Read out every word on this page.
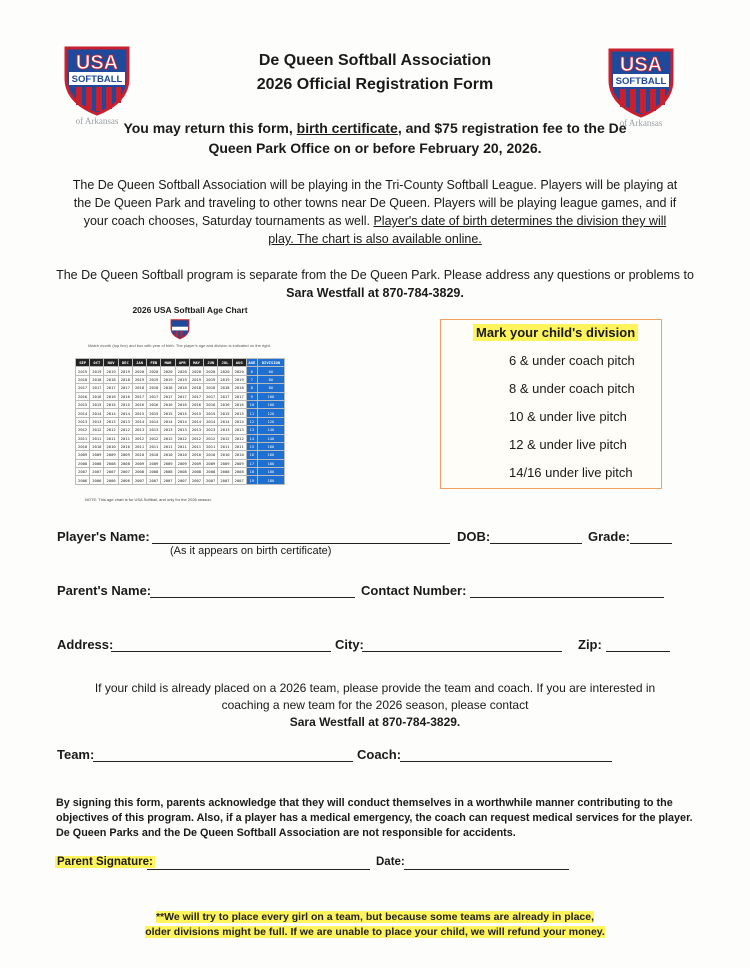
USA
SOFTBALL
of Arkansas
USA
SOFTBALL
of Arkansas
De Queen Softball Association
2026 Official Registration Form
You may return this form, birth certificate, and $75 registration fee to the De Queen Park Office on or before February 20, 2026.
The De Queen Softball Association will be playing in the Tri-County Softball League. Players will be playing at the De Queen Park and traveling to other towns near De Queen. Players will be playing league games, and if your coach chooses, Saturday tournaments as well. Player's date of birth determines the division they will play. The chart is also available online.
The De Queen Softball program is separate from the De Queen Park. Please address any questions or problems to Sara Westfall at 870-784-3829.
2026 USA Softball Age Chart
Match month (top line) and box with year of birth. The player's age and division is indicated on the right.
SEP	OCT	NOV	DEC	JAN	FEB	MAR	APR	MAY	JUN	JUL	AUG	AGE	DIVISION
2019	2019	2019	2019	2020	2020	2020	2020	2020	2020	2020	2020	6	6U
2018	2018	2018	2018	2019	2019	2019	2019	2019	2019	2019	2019	7	8U
2017	2017	2017	2017	2018	2018	2018	2018	2018	2018	2018	2018	8	8U
2016	2016	2016	2016	2017	2017	2017	2017	2017	2017	2017	2017	9	10U
2015	2015	2015	2015	2016	2016	2016	2016	2016	2016	2016	2016	10	10U
2014	2014	2014	2014	2015	2015	2015	2015	2015	2015	2015	2015	11	12U
2013	2013	2013	2013	2014	2014	2014	2014	2014	2014	2014	2014	12	12U
2012	2012	2012	2012	2013	2013	2013	2013	2013	2013	2013	2013	13	14U
2011	2011	2011	2011	2012	2012	2012	2012	2012	2012	2012	2012	14	14U
2010	2010	2010	2010	2011	2011	2011	2011	2011	2011	2011	2011	15	16U
2009	2009	2009	2009	2010	2010	2010	2010	2010	2010	2010	2010	16	16U
2008	2008	2008	2008	2009	2009	2009	2009	2009	2009	2009	2009	17	18U
2007	2007	2007	2007	2008	2008	2008	2008	2008	2008	2008	2008	18	18U
2006	2006	2006	2006	2007	2007	2007	2007	2007	2007	2007	2007	19	18U
NOTE: This age chart is for USA Softball, and only for the 2026 season.
Mark your child's division
6 & under coach pitch
8 & under coach pitch
10 & under live pitch
12 & under live pitch
14/16 under live pitch
Player's Name:
(As it appears on birth certificate)
DOB:	Grade:
Parent's Name:	Contact Number:
Address:	City:	Zip:
If your child is already placed on a 2026 team, please provide the team and coach. If you are interested in coaching a new team for the 2026 season, please contact
Sara Westfall at 870-784-3829.
Team:	Coach:
By signing this form, parents acknowledge that they will conduct themselves in a worthwhile manner contributing to the objectives of this program. Also, if a player has a medical emergency, the coach can request medical services for the player. De Queen Parks and the De Queen Softball Association are not responsible for accidents.
Parent Signature:	Date:
**We will try to place every girl on a team, but because some teams are already in place,
older divisions might be full. If we are unable to place your child, we will refund your money.
